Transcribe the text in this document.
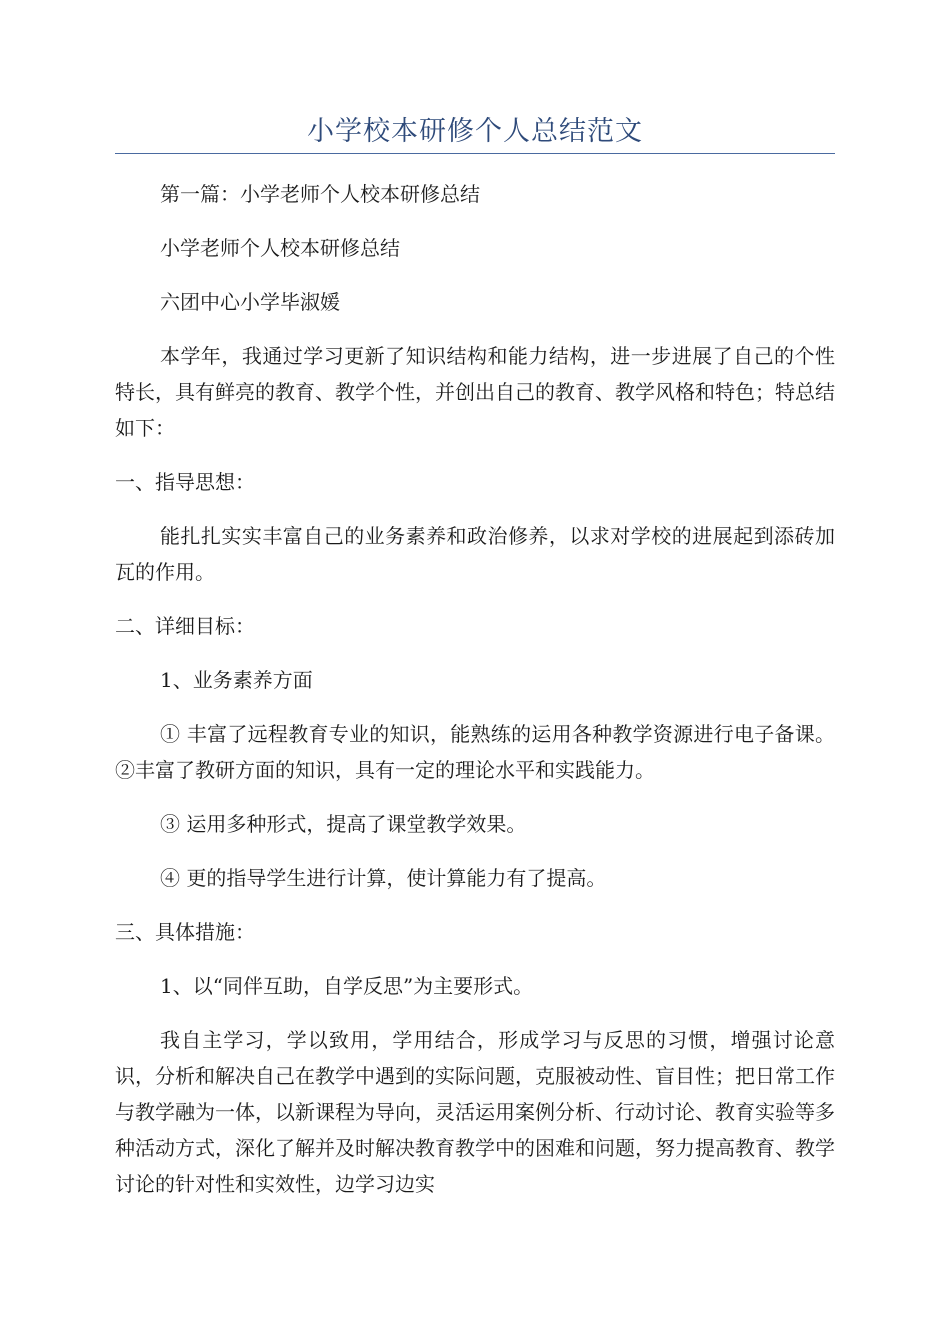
小学校本研修个人总结范文

第一篇：小学老师个人校本研修总结

小学老师个人校本研修总结

六团中心小学毕淑媛

本学年，我通过学习更新了知识结构和能力结构，进一步进展了自己的个性特长，具有鲜亮的教育、教学个性，并创出自己的教育、教学风格和特色；特总结如下：

一、指导思想：

能扎扎实实丰富自己的业务素养和政治修养，以求对学校的进展起到添砖加瓦的作用。

二、详细目标：

1、业务素养方面

① 丰富了远程教育专业的知识，能熟练的运用各种教学资源进行电子备课。②丰富了教研方面的知识，具有一定的理论水平和实践能力。

③ 运用多种形式，提高了课堂教学效果。

④ 更的指导学生进行计算，使计算能力有了提高。

三、具体措施：

1、以“同伴互助，自学反思”为主要形式。

我自主学习，学以致用，学用结合，形成学习与反思的习惯，增强讨论意识，分析和解决自己在教学中遇到的实际问题，克服被动性、盲目性；把日常工作与教学融为一体，以新课程为导向，灵活运用案例分析、行动讨论、教育实验等多种活动方式，深化了解并及时解决教育教学中的困难和问题，努力提高教育、教学讨论的针对性和实效性，边学习边实
